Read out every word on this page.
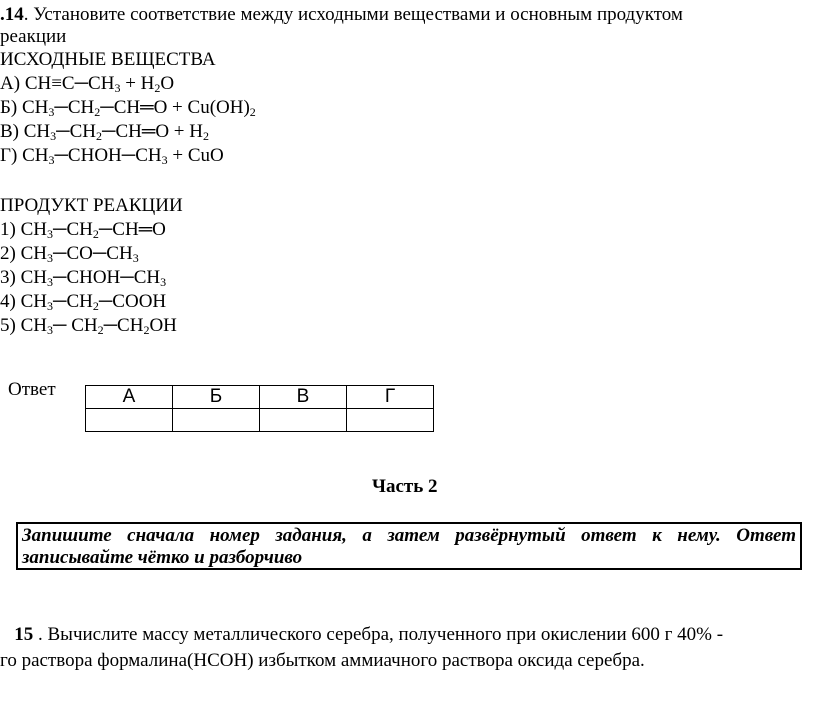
.14. Установите соответствие между исходными веществами и основным продуктом
реакции
ИСХОДНЫЕ ВЕЩЕСТВА
А) $CH\equiv C─CH_3 + H_2O$
Б) $CH_3─CH_2─CH═O + Cu(OH)_2$
В) $CH_3─CH_2─CH═O + H_2$
Г) $CH_3─CHOH─CH_3$ + CuO
ПРОДУКТ РЕАКЦИИ
1) $CH_3─CH_2─CH═O$
2) $CH_3─CO─CH_3$
3) $CH_3─CHOH─CH_3$
4) $CH_3─CH_2─COOH$
5) $CH_3─$ $CH_2─CH_2OH$
Ответ	А	Б	В	Г

Часть 2
Запишите сначала номер задания, а затем развёрнутый ответ к нему. Ответ
записывайте чётко и разборчиво
15 . Вычислите массу металлического серебра, полученного при окислении 600 г 40% -
го раствора формалина(HCOH) избытком аммиачного раствора оксида серебра.
